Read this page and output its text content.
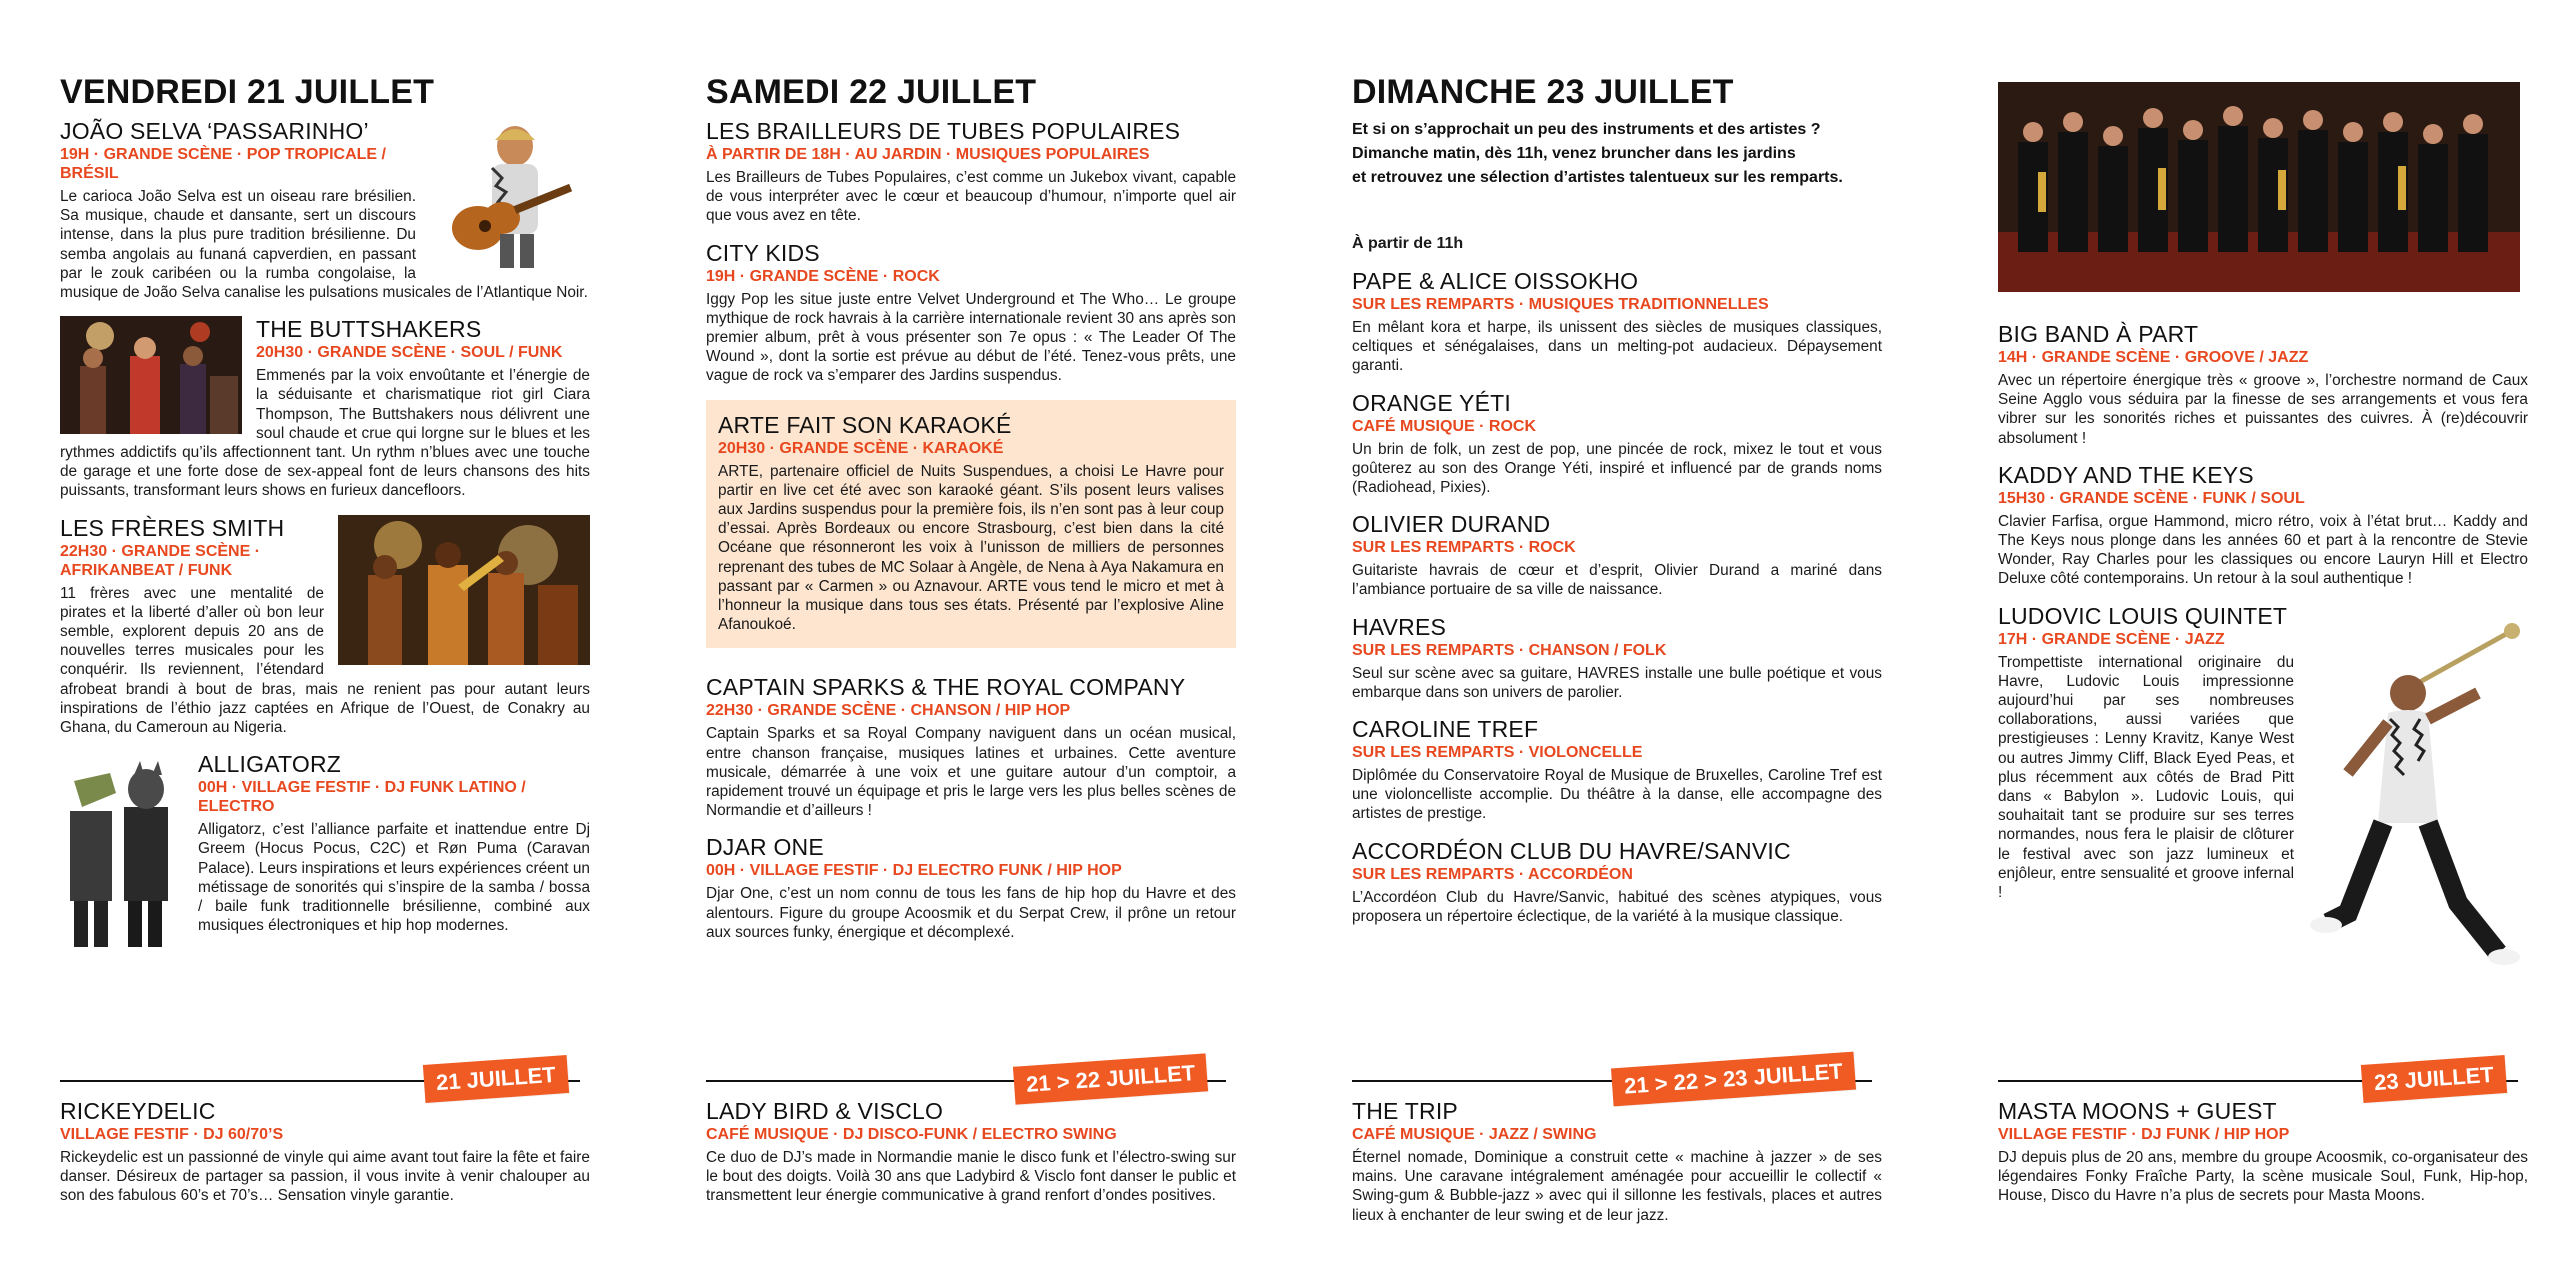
VENDREDI 21 JUILLET
JOÃO SELVA ‘PASSARINHO’
19H · GRANDE SCÈNE · POP TROPICALE / BRÉSIL
Le carioca João Selva est un oiseau rare brésilien. Sa musique, chaude et dansante, sert un discours intense, dans la plus pure tradition brésilienne. Du semba angolais au funaná capverdien, en passant par le zouk caribéen ou la rumba congolaise, la musique de João Selva canalise les pulsations musicales de l’Atlantique Noir.
THE BUTTSHAKERS
20H30 · GRANDE SCÈNE · SOUL / FUNK
Emmenés par la voix envoûtante et l’énergie de la séduisante et charismatique riot girl Ciara Thompson, The Buttshakers nous délivrent une soul chaude et crue qui lorgne sur le blues et les rythmes addictifs qu’ils affectionnent tant. Un rythm n’blues avec une touche de garage et une forte dose de sex-appeal font de leurs chansons des hits puissants, transformant leurs shows en furieux dancefloors.
LES FRÈRES SMITH
22H30 · GRANDE SCÈNE · AFRIKANBEAT / FUNK
11 frères avec une mentalité de pirates et la liberté d’aller où bon leur semble, explorent depuis 20 ans de nouvelles terres musicales pour les conquérir. Ils reviennent, l’étendard afrobeat brandi à bout de bras, mais ne renient pas pour autant leurs inspirations de l’éthio jazz captées en Afrique de l’Ouest, de Conakry au Ghana, du Cameroun au Nigeria.
ALLIGATORZ
00H · VILLAGE FESTIF · DJ FUNK LATINO / ELECTRO
Alligatorz, c’est l’alliance parfaite et inattendue entre Dj Greem (Hocus Pocus, C2C) et Røn Puma (Caravan Palace). Leurs inspirations et leurs expériences créent un métissage de sonorités qui s’inspire de la samba / bossa / baile funk traditionnelle brésilienne, combiné aux musiques électroniques et hip hop modernes.
SAMEDI 22 JUILLET
LES BRAILLEURS DE TUBES POPULAIRES
À PARTIR DE 18H · AU JARDIN · MUSIQUES POPULAIRES
Les Brailleurs de Tubes Populaires, c’est comme un Jukebox vivant, capable de vous interpréter avec le cœur et beaucoup d’humour, n’importe quel air que vous avez en tête.
CITY KIDS
19H · GRANDE SCÈNE · ROCK
Iggy Pop les situe juste entre Velvet Underground et The Who… Le groupe mythique de rock havrais à la carrière internationale revient 30 ans après son premier album, prêt à vous présenter son 7e opus : « The Leader Of The Wound », dont la sortie est prévue au début de l’été. Tenez-vous prêts, une vague de rock va s’emparer des Jardins suspendus.
ARTE FAIT SON KARAOKÉ
20H30 · GRANDE SCÈNE · KARAOKÉ
ARTE, partenaire officiel de Nuits Suspendues, a choisi Le Havre pour partir en live cet été avec son karaoké géant. S’ils posent leurs valises aux Jardins suspendus pour la première fois, ils n’en sont pas à leur coup d’essai. Après Bordeaux ou encore Strasbourg, c’est bien dans la cité Océane que résonneront les voix à l’unisson de milliers de personnes reprenant des tubes de MC Solaar à Angèle, de Nena à Aya Nakamura en passant par « Carmen » ou Aznavour. ARTE vous tend le micro et met à l’honneur la musique dans tous ses états. Présenté par l’explosive Aline Afanoukoé.
CAPTAIN SPARKS & THE ROYAL COMPANY
22H30 · GRANDE SCÈNE · CHANSON / HIP HOP
Captain Sparks et sa Royal Company naviguent dans un océan musical, entre chanson française, musiques latines et urbaines. Cette aventure musicale, démarrée à une voix et une guitare autour d’un comptoir, a rapidement trouvé un équipage et pris le large vers les plus belles scènes de Normandie et d’ailleurs !
DJAR ONE
00H · VILLAGE FESTIF · DJ ELECTRO FUNK / HIP HOP
Djar One, c’est un nom connu de tous les fans de hip hop du Havre et des alentours. Figure du groupe Acoosmik et du Serpat Crew, il prône un retour aux sources funky, énergique et décomplexé.
DIMANCHE 23 JUILLET
Et si on s’approchait un peu des instruments et des artistes ?
Dimanche matin, dès 11h, venez bruncher dans les jardins
et retrouvez une sélection d’artistes talentueux sur les remparts.
À partir de 11h
PAPE & ALICE OISSOKHO
SUR LES REMPARTS · MUSIQUES TRADITIONNELLES
En mêlant kora et harpe, ils unissent des siècles de musiques classiques, celtiques et sénégalaises, dans un melting-pot audacieux. Dépaysement garanti.
ORANGE YÉTI
CAFÉ MUSIQUE · ROCK
Un brin de folk, un zest de pop, une pincée de rock, mixez le tout et vous goûterez au son des Orange Yéti, inspiré et influencé par de grands noms (Radiohead, Pixies).
OLIVIER DURAND
SUR LES REMPARTS · ROCK
Guitariste havrais de cœur et d’esprit, Olivier Durand a mariné dans l’ambiance portuaire de sa ville de naissance.
HAVRES
SUR LES REMPARTS · CHANSON / FOLK
Seul sur scène avec sa guitare, HAVRES installe une bulle poétique et vous embarque dans son univers de parolier.
CAROLINE TREF
SUR LES REMPARTS · VIOLONCELLE
Diplômée du Conservatoire Royal de Musique de Bruxelles, Caroline Tref est une violoncelliste accomplie. Du théâtre à la danse, elle accompagne des artistes de prestige.
ACCORDÉON CLUB DU HAVRE/SANVIC
SUR LES REMPARTS · ACCORDÉON
L’Accordéon Club du Havre/Sanvic, habitué des scènes atypiques, vous proposera un répertoire éclectique, de la variété à la musique classique.
BIG BAND À PART
14H · GRANDE SCÈNE · GROOVE / JAZZ
Avec un répertoire énergique très « groove », l’orchestre normand de Caux Seine Agglo vous séduira par la finesse de ses arrangements et vous fera vibrer sur les sonorités riches et puissantes des cuivres. À (re)découvrir absolument !
KADDY AND THE KEYS
15H30 · GRANDE SCÈNE · FUNK / SOUL
Clavier Farfisa, orgue Hammond, micro rétro, voix à l’état brut… Kaddy and The Keys nous plonge dans les années 60 et part à la rencontre de Stevie Wonder, Ray Charles pour les classiques ou encore Lauryn Hill et Electro Deluxe côté contemporains. Un retour à la soul authentique !
LUDOVIC LOUIS QUINTET
17H · GRANDE SCÈNE · JAZZ
Trompettiste international originaire du Havre, Ludovic Louis impressionne aujourd’hui par ses nombreuses collaborations, aussi variées que prestigieuses : Lenny Kravitz, Kanye West ou autres Jimmy Cliff, Black Eyed Peas, et plus récemment aux côtés de Brad Pitt dans « Babylon ». Ludovic Louis, qui souhaitait tant se produire sur ses terres normandes, nous fera le plaisir de clôturer le festival avec son jazz lumineux et enjôleur, entre sensualité et groove infernal !
21 JUILLET	21 > 22 JUILLET	21 > 22 > 23 JUILLET	23 JUILLET
RICKEYDELIC
VILLAGE FESTIF · DJ 60/70’S
Rickeydelic est un passionné de vinyle qui aime avant tout faire la fête et faire danser. Désireux de partager sa passion, il vous invite à venir chalouper au son des fabulous 60’s et 70’s… Sensation vinyle garantie.
LADY BIRD & VISCLO
CAFÉ MUSIQUE · DJ DISCO-FUNK / ELECTRO SWING
Ce duo de DJ’s made in Normandie manie le disco funk et l’électro-swing sur le bout des doigts. Voilà 30 ans que Ladybird & Visclo font danser le public et transmettent leur énergie communicative à grand renfort d’ondes positives.
THE TRIP
CAFÉ MUSIQUE · JAZZ / SWING
Éternel nomade, Dominique a construit cette « machine à jazzer » de ses mains. Une caravane intégralement aménagée pour accueillir le collectif « Swing-gum & Bubble-jazz » avec qui il sillonne les festivals, places et autres lieux à enchanter de leur swing et de leur jazz.
MASTA MOONS + GUEST
VILLAGE FESTIF · DJ FUNK / HIP HOP
DJ depuis plus de 20 ans, membre du groupe Acoosmik, co-organisateur des légendaires Fonky Fraîche Party, la scène musicale Soul, Funk, Hip-hop, House, Disco du Havre n’a plus de secrets pour Masta Moons.
